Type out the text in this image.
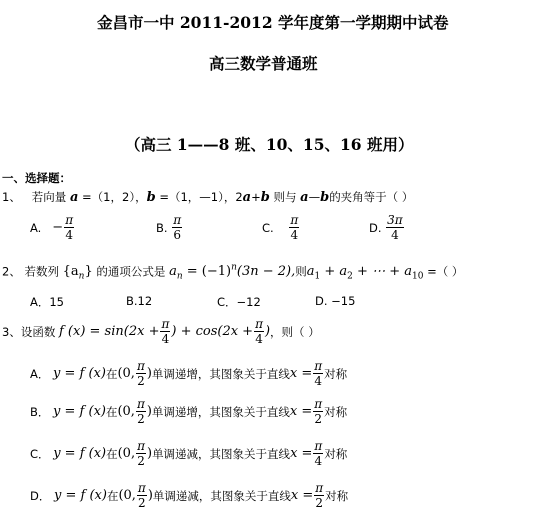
金昌市一中 2011-2012 学年度第一学期期中试卷
高三数学普通班
（高三 1——8 班、10、15、16 班用）
一、选择题：
1、 若向量 a =（1，2），b =（1，—1），2a+b 则与 a—b的夹角等于（ ）
A.
− $\frac{\pi}{4}$	B.
$\frac{\pi}{6}$	C.
$\frac{\pi}{4}$	D.
$\frac{3\pi}{4}$
2、 若数列 $\{a_n\}$ 的通项公式是 $a_n = (-1)^n(3n - 2)$,则$a_1 + a_2$ + ⋯ + $a_{10}$ =（ ）
A．15	B.12	C．−12	D. −15
3、 设函数
f $(x) = \sin(2x + \frac{\pi}{4}$ ) + $\cos(2x + \frac{\pi}{4}$ ) ，则（ ）
A．
y = f (x) 在 (0, $\frac{\pi}{2}$ ) 单调递增，其图象关于直线 $x = \frac{\pi}{4}$ 对称
B．
y = f (x) 在 (0, $\frac{\pi}{2}$ ) 单调递增，其图象关于直线 $x = \frac{\pi}{2}$ 对称
C．
y = f (x) 在 (0, $\frac{\pi}{2}$ ) 单调递减，其图象关于直线 $x = \frac{\pi}{4}$ 对称
D．
y = f (x) 在 (0, $\frac{\pi}{2}$ ) 单调递减，其图象关于直线 $x = \frac{\pi}{2}$ 对称
